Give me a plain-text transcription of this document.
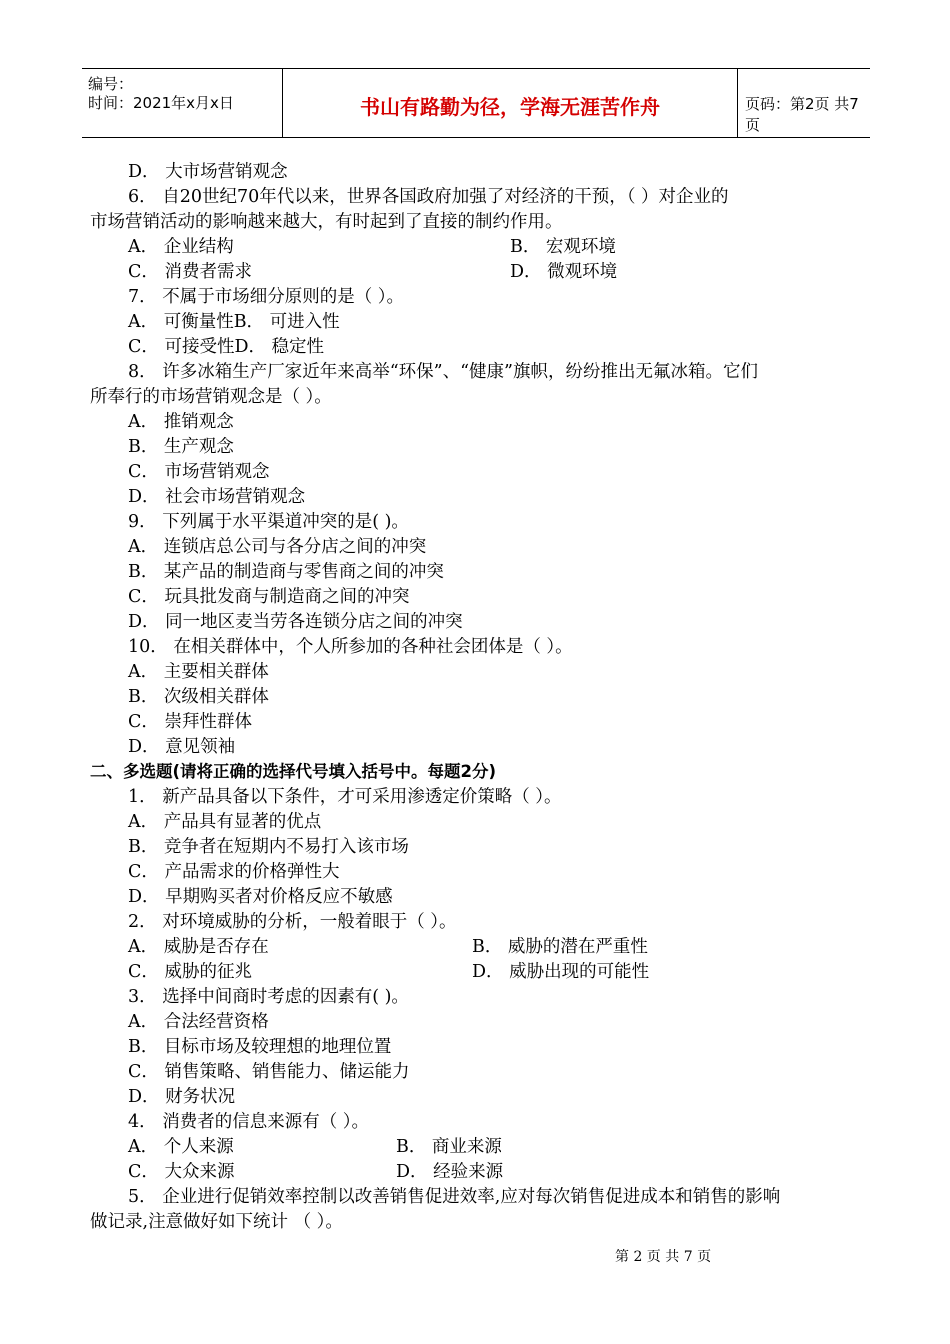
编号：
时间：2021年x月x日	书山有路勤为径，学海无涯苦作舟	页码：第2页 共7页
D． 大市场营销观念
6． 自20世纪70年代以来，世界各国政府加强了对经济的干预，（ ）对企业的
市场营销活动的影响越来越大，有时起到了直接的制约作用。
A． 企业结构	B． 宏观环境
C． 消费者需求	D． 微观环境
7． 不属于市场细分原则的是（ ）。
A． 可衡量性B． 可进入性
C． 可接受性D． 稳定性
8． 许多冰箱生产厂家近年来高举“环保”、“健康”旗帜，纷纷推出无氟冰箱。它们
所奉行的市场营销观念是（ ）。
A． 推销观念
B． 生产观念
C． 市场营销观念
D． 社会市场营销观念
9． 下列属于水平渠道冲突的是( )。
A． 连锁店总公司与各分店之间的冲突
B． 某产品的制造商与零售商之间的冲突
C． 玩具批发商与制造商之间的冲突
D． 同一地区麦当劳各连锁分店之间的冲突
10． 在相关群体中，个人所参加的各种社会团体是（ ）。
A． 主要相关群体
B． 次级相关群体
C． 崇拜性群体
D． 意见领袖
二、多选题(请将正确的选择代号填入括号中。每题2分)
1． 新产品具备以下条件，才可采用渗透定价策略（ ）。
A． 产品具有显著的优点
B． 竞争者在短期内不易打入该市场
C． 产品需求的价格弹性大
D． 早期购买者对价格反应不敏感
2． 对环境威胁的分析，一般着眼于（ ）。
A． 威胁是否存在	B． 威胁的潜在严重性
C． 威胁的征兆	D． 威胁出现的可能性
3． 选择中间商时考虑的因素有( )。
A． 合法经营资格
B． 目标市场及较理想的地理位置
C． 销售策略、销售能力、储运能力
D． 财务状况
4． 消费者的信息来源有（ ）。
A． 个人来源	B． 商业来源
C． 大众来源	D． 经验来源
5． 企业进行促销效率控制以改善销售促进效率,应对每次销售促进成本和销售的影响
做记录,注意做好如下统计 （ ）。
第 2 页 共 7 页
